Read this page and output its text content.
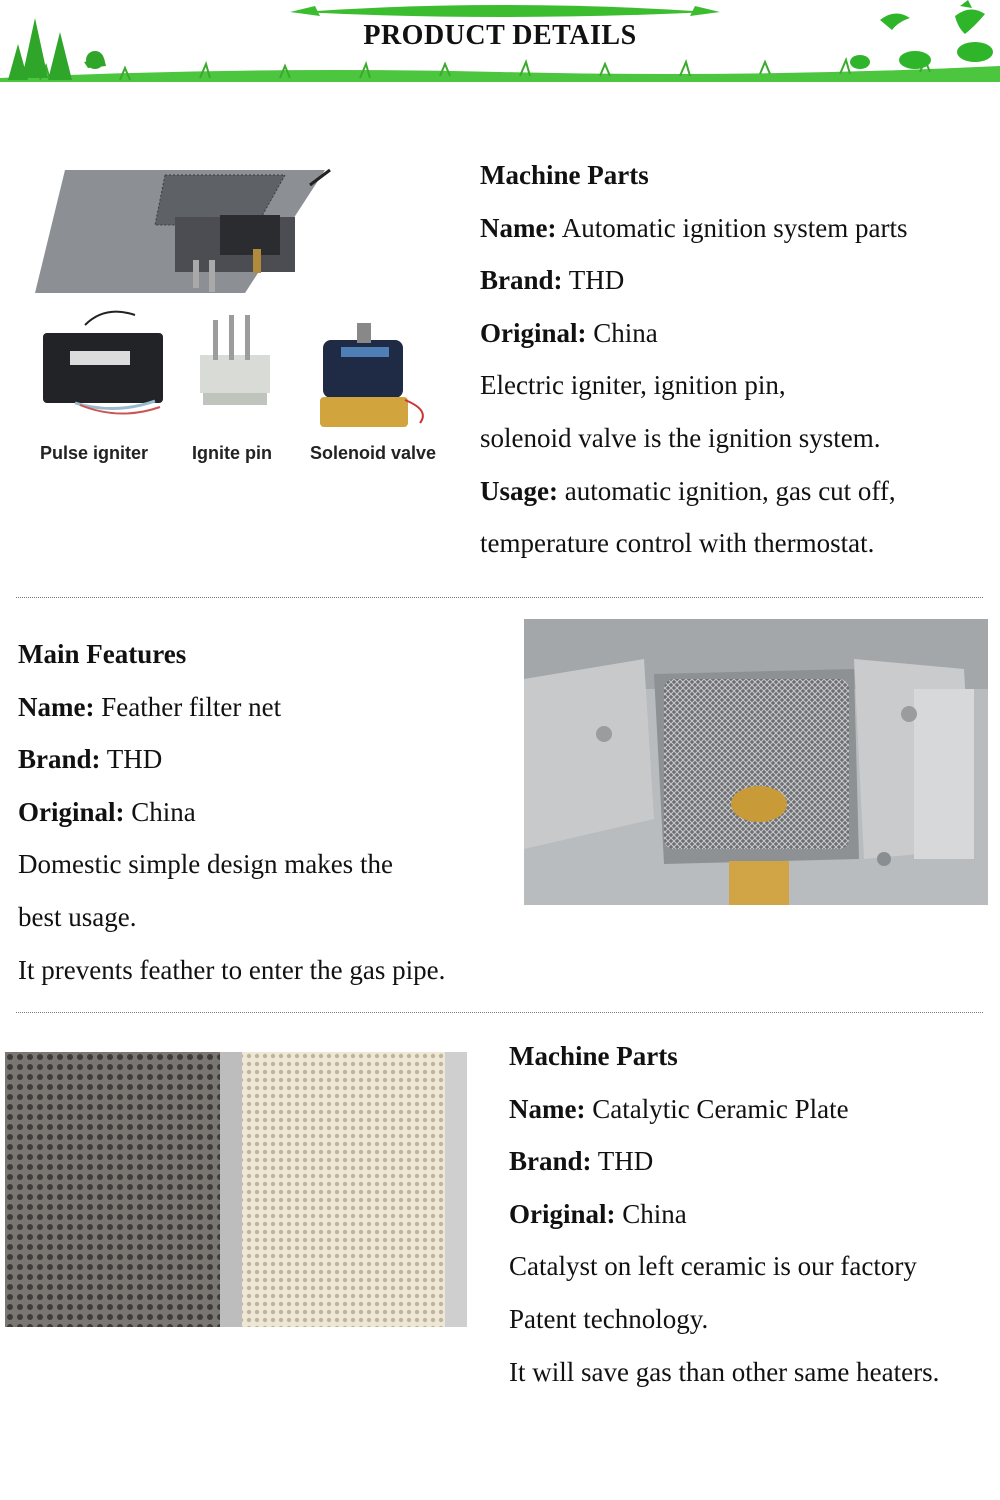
PRODUCT DETAILS
Pulse igniter Ignite pin Solenoid valve
Machine Parts
Name: Automatic ignition system parts
Brand: THD
Original: China
Electric igniter, ignition pin,
solenoid valve is the ignition system.
Usage: automatic ignition, gas cut off,
temperature control with thermostat.
Main Features
Name: Feather filter net
Brand: THD
Original: China
Domestic simple design makes the
best usage.
It prevents feather to enter the gas pipe.
Machine Parts
Name: Catalytic Ceramic Plate
Brand: THD
Original: China
Catalyst on left ceramic is our factory
Patent technology.
It will save gas than other same heaters.
